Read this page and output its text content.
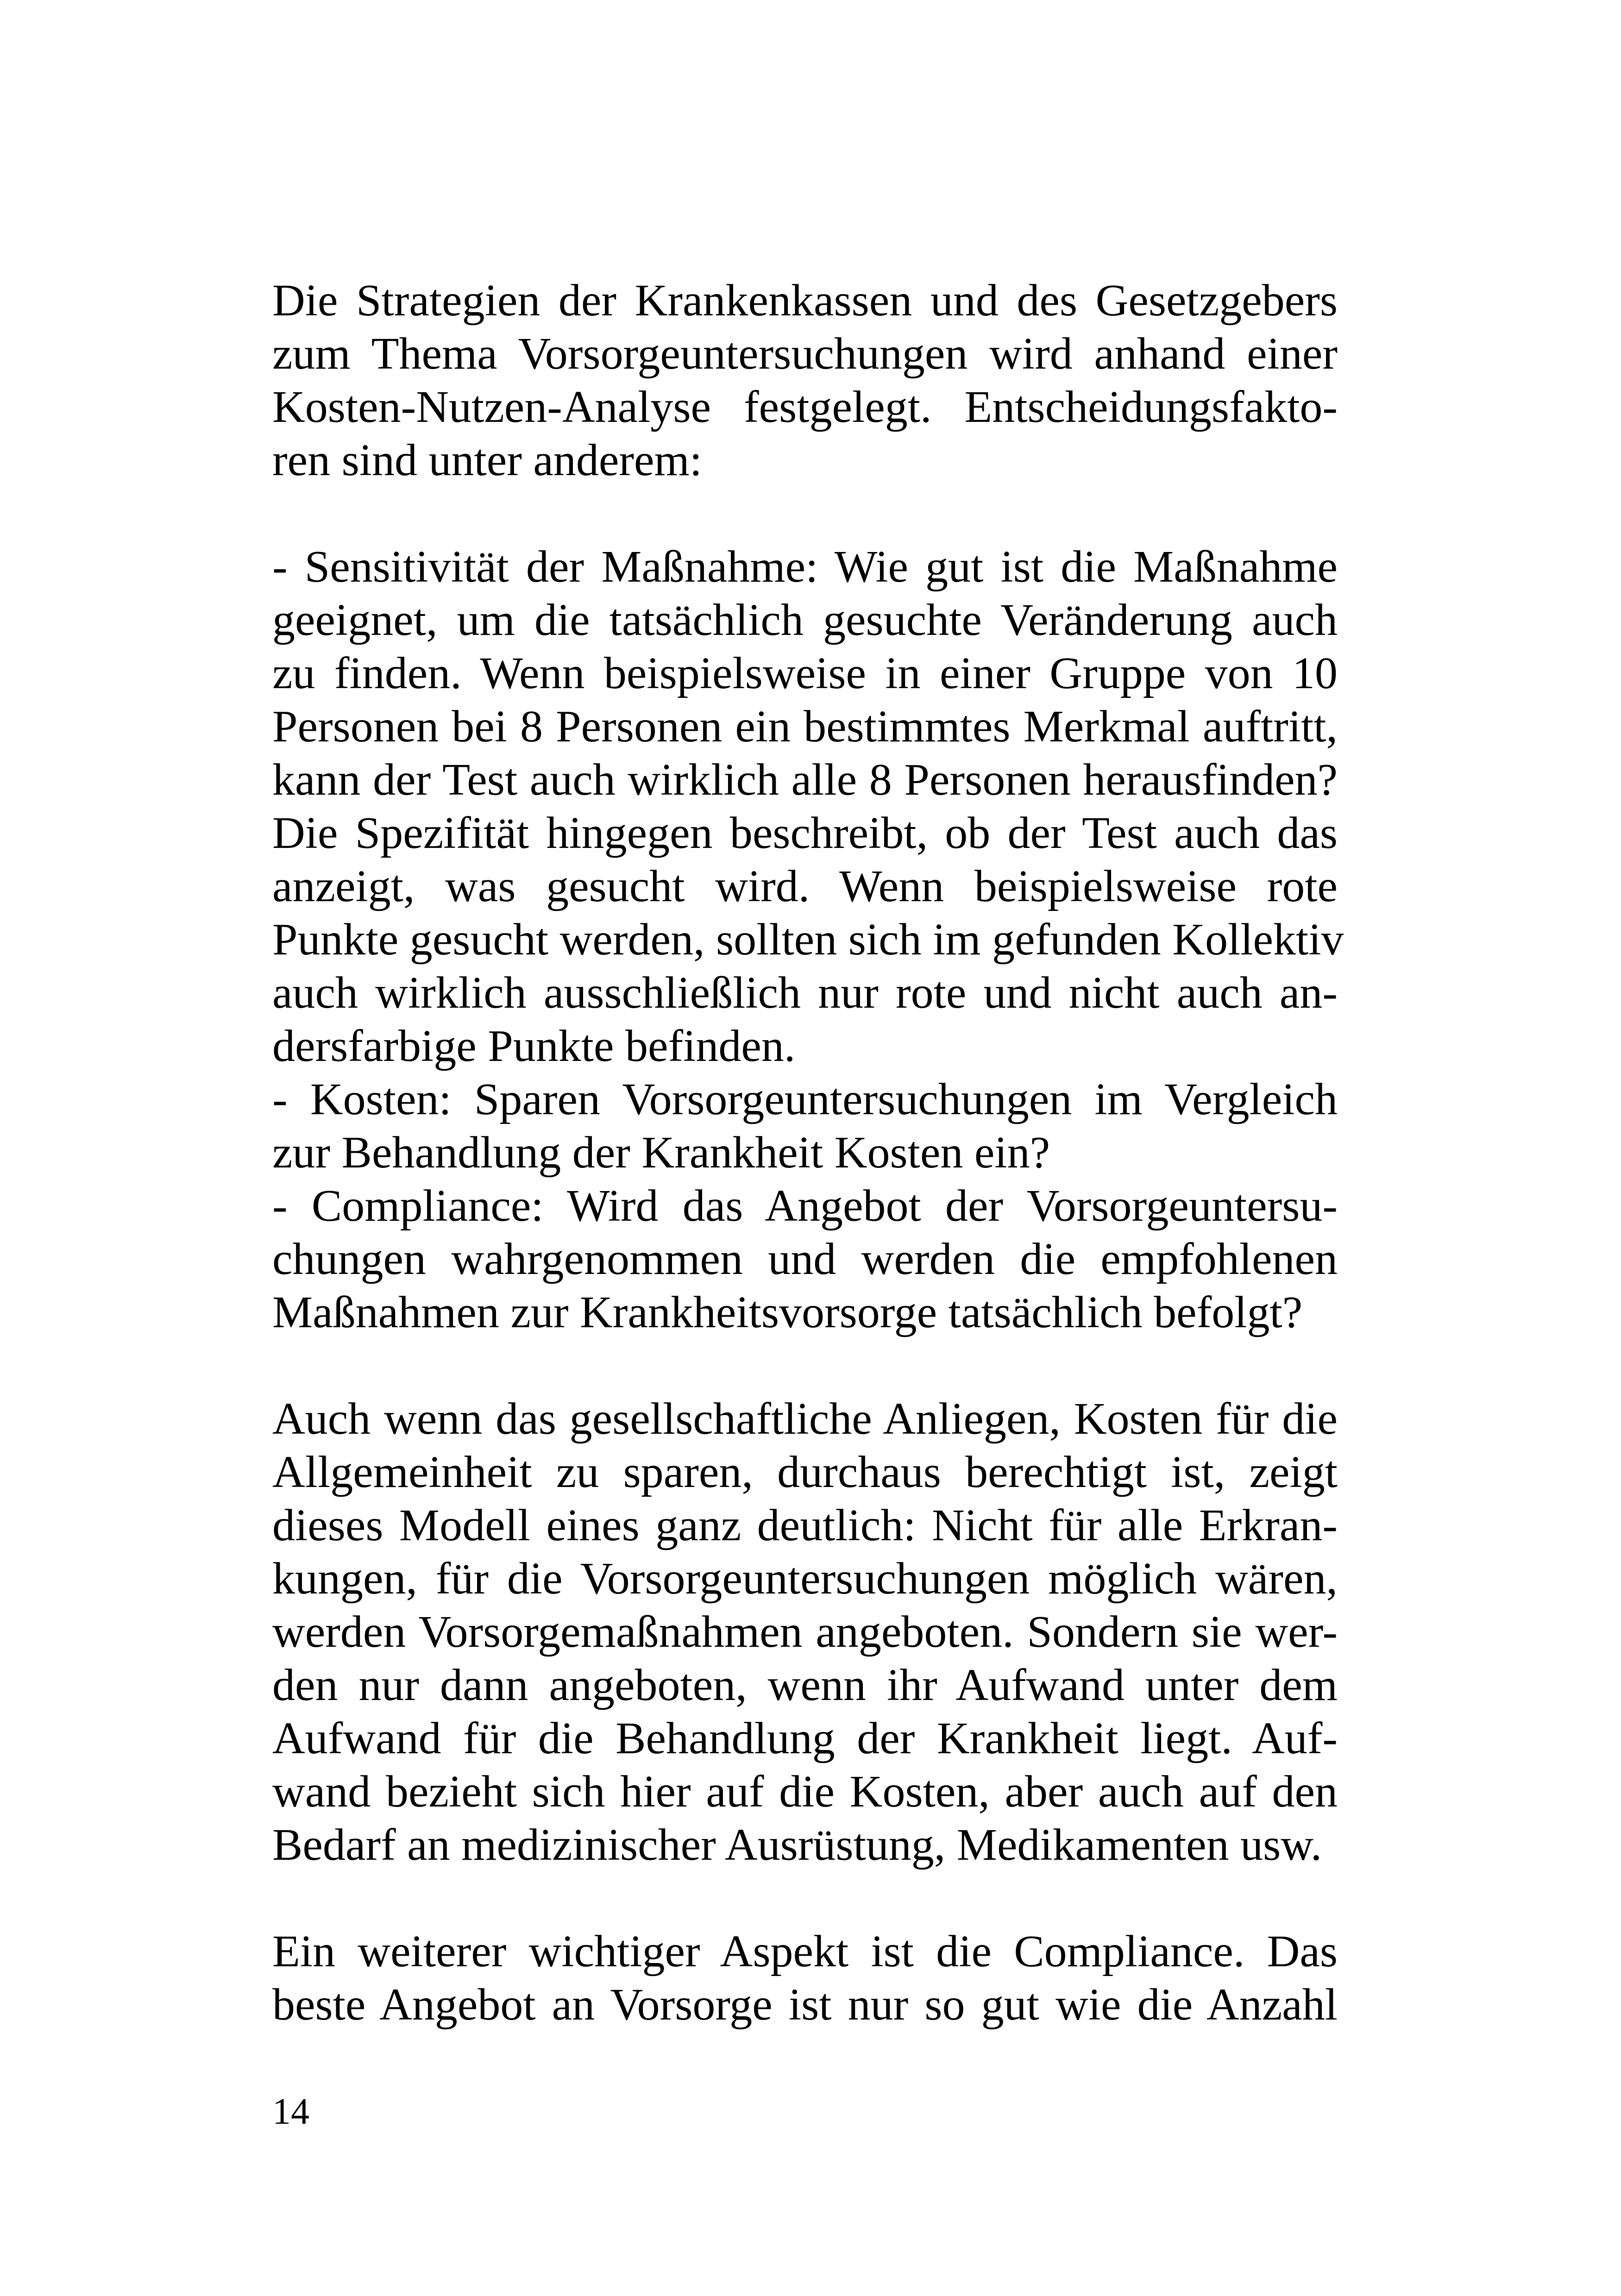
Die Strategien der Krankenkassen und des Gesetzgebers
zum Thema Vorsorgeuntersuchungen wird anhand einer
Kosten-Nutzen-Analyse festgelegt. Entscheidungsfakto-
ren sind unter anderem:
- Sensitivität der Maßnahme: Wie gut ist die Maßnahme
geeignet, um die tatsächlich gesuchte Veränderung auch
zu finden. Wenn beispielsweise in einer Gruppe von 10
Personen bei 8 Personen ein bestimmtes Merkmal auftritt,
kann der Test auch wirklich alle 8 Personen herausfinden?
Die Spezifität hingegen beschreibt, ob der Test auch das
anzeigt, was gesucht wird. Wenn beispielsweise rote
Punkte gesucht werden, sollten sich im gefunden Kollektiv
auch wirklich ausschließlich nur rote und nicht auch an-
dersfarbige Punkte befinden.
- Kosten: Sparen Vorsorgeuntersuchungen im Vergleich
zur Behandlung der Krankheit Kosten ein?
- Compliance: Wird das Angebot der Vorsorgeuntersu-
chungen wahrgenommen und werden die empfohlenen
Maßnahmen zur Krankheitsvorsorge tatsächlich befolgt?
Auch wenn das gesellschaftliche Anliegen, Kosten für die
Allgemeinheit zu sparen, durchaus berechtigt ist, zeigt
dieses Modell eines ganz deutlich: Nicht für alle Erkran-
kungen, für die Vorsorgeuntersuchungen möglich wären,
werden Vorsorgemaßnahmen angeboten. Sondern sie wer-
den nur dann angeboten, wenn ihr Aufwand unter dem
Aufwand für die Behandlung der Krankheit liegt. Auf-
wand bezieht sich hier auf die Kosten, aber auch auf den
Bedarf an medizinischer Ausrüstung, Medikamenten usw.
Ein weiterer wichtiger Aspekt ist die Compliance. Das
beste Angebot an Vorsorge ist nur so gut wie die Anzahl
14
